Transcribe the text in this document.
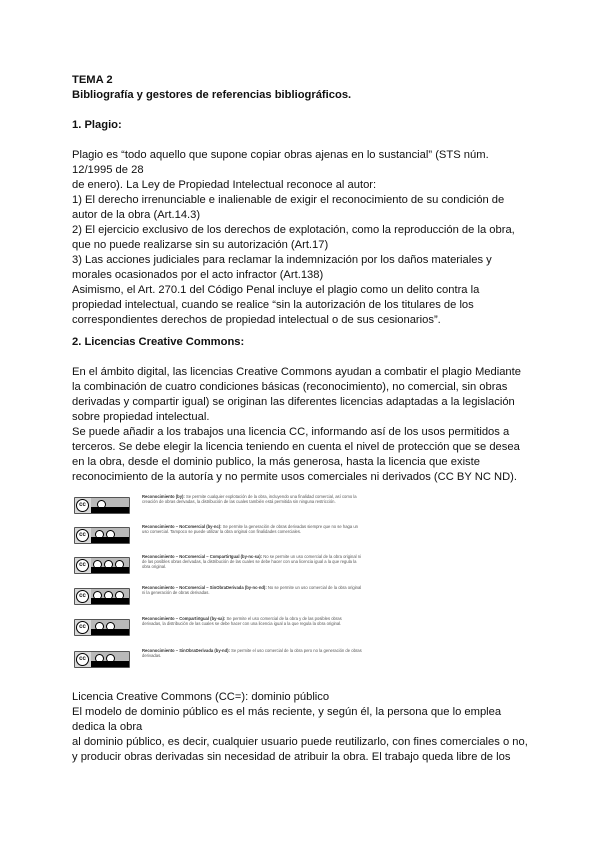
TEMA 2
Bibliografía y gestores de referencias bibliográficos.
1. Plagio:
Plagio es “todo aquello que supone copiar obras ajenas en lo sustancial” (STS núm.
12/1995 de 28
de enero). La Ley de Propiedad Intelectual reconoce al autor:
1) El derecho irrenunciable e inalienable de exigir el reconocimiento de su condición de
autor de la obra (Art.14.3)
2) El ejercicio exclusivo de los derechos de explotación, como la reproducción de la obra,
que no puede realizarse sin su autorización (Art.17)
3) Las acciones judiciales para reclamar la indemnización por los daños materiales y
morales ocasionados por el acto infractor (Art.138)
Asimismo, el Art. 270.1 del Código Penal incluye el plagio como un delito contra la
propiedad intelectual, cuando se realice “sin la autorización de los titulares de los
correspondientes derechos de propiedad intelectual o de sus cesionarios”.
2. Licencias Creative Commons:
En el ámbito digital, las licencias Creative Commons ayudan a combatir el plagio Mediante
la combinación de cuatro condiciones básicas (reconocimiento), no comercial, sin obras
derivadas y compartir igual) se originan las diferentes licencias adaptadas a la legislación
sobre propiedad intelectual.
Se puede añadir a los trabajos una licencia CC, informando así de los usos permitidos a
terceros. Se debe elegir la licencia teniendo en cuenta el nivel de protección que se desea
en la obra, desde el dominio publico, la más generosa, hasta la licencia que existe
reconocimiento de la autoría y no permite usos comerciales ni derivados (CC BY NC ND).
cc
Reconocimiento (by): Se permite cualquier explotación de la obra, incluyendo una finalidad comercial, así como la creación de obras derivadas, la distribución de las cuales también está permitida sin ninguna restricción.
cc
Reconocimiento – NoComercial (by-nc): Se permite la generación de obras derivadas siempre que no se haga un uso comercial. Tampoco se puede utilizar la obra original con finalidades comerciales.
cc
Reconocimiento – NoComercial – CompartirIgual (by-nc-sa): No se permite un uso comercial de la obra original ni de las posibles obras derivadas, la distribución de las cuales se debe hacer con una licencia igual a la que regula la obra original.
cc
Reconocimiento – NoComercial – SinObraDerivada (by-nc-nd): No se permite un uso comercial de la obra original ni la generación de obras derivadas.
cc
Reconocimiento – CompartirIgual (by-sa): Se permite el uso comercial de la obra y de las posibles obras derivadas, la distribución de las cuales se debe hacer con una licencia igual a la que regula la obra original.
cc
Reconocimiento – SinObraDerivada (by-nd): Se permite el uso comercial de la obra pero no la generación de obras derivadas.
Licencia Creative Commons (CC=): dominio público
El modelo de dominio público es el más reciente, y según él, la persona que lo emplea
dedica la obra
al dominio público, es decir, cualquier usuario puede reutilizarlo, con fines comerciales o no,
y producir obras derivadas sin necesidad de atribuir la obra. El trabajo queda libre de los
